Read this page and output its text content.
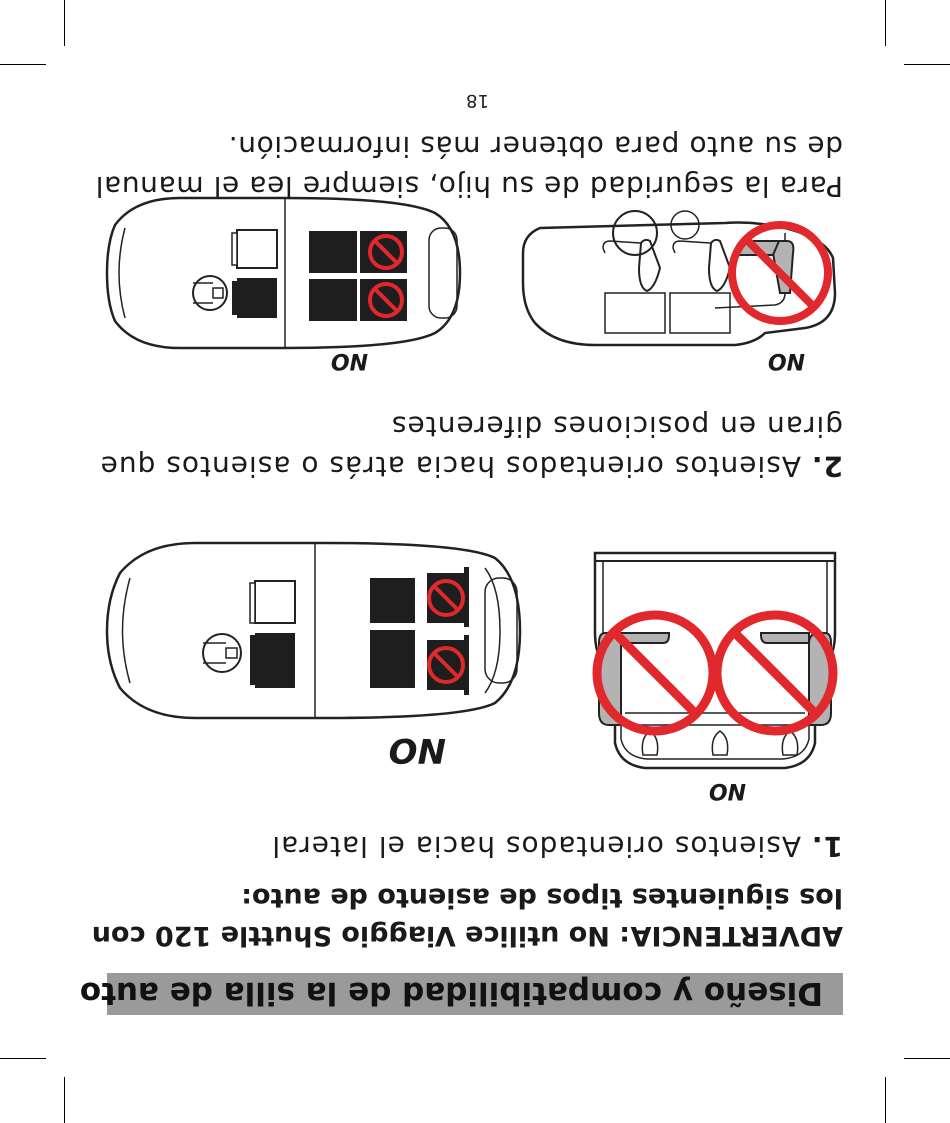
Diseño y compatibilidad de la silla de auto
ADVERTENCIA: No utilice Viaggio Shuttle 120 con
los siguientes tipos de asiento de auto:
1. Asientos orientados hacia el lateral
NO
NO
2. Asientos orientados hacia atrás o asientos que
giran en posiciones diferentes
NO
NO
Para la seguridad de su hijo, siempre lea el manual
de su auto para obtener más información.
18
